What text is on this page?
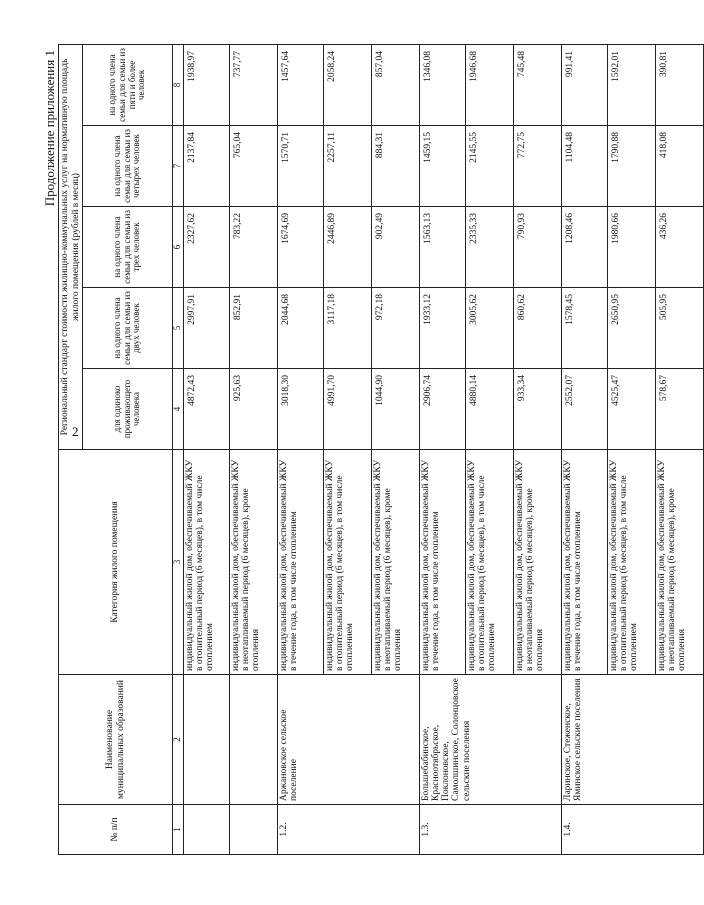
2
Продолжение приложения 1
№ п/п	Наименование муниципальных образований	Категория жилого помещения	Региональный стандарт стоимости жилищно-коммунальных услуг на нормативную площадь жилого помещения (рублей в месяц)				
			для одиноко проживающего человека	на одного члена семьи для семьи из двух человек	на одного члена семьи для семьи из трех человек	на одного члена семьи для семьи из четырех человек	на одного члена семьи для семьи из пяти и более человек
1	2	3	4	5	6	7	8
		индивидуальный жилой дом, обеспечиваемый ЖКУ в отопительный период (6 месяцев), в том числе отоплением	4872,43	2997,91	2327,62	2137,84	1938,97
		индивидуальный жилой дом, обеспечиваемый ЖКУ в неотапливаемый период (6 месяцев), кроме отопления	925,63	852,91	783,22	765,04	737,77
1.2.	Аржановское сельское поселение	индивидуальный жилой дом, обеспечиваемый ЖКУ в течение года, в том числе отоплением	3018,30	2044,68	1674,69	1570,71	1457,64
		индивидуальный жилой дом, обеспечиваемый ЖКУ в отопительный период (6 месяцев), в том числе отоплением	4991,70	3117,18	2446,89	2257,11	2058,24
		индивидуальный жилой дом, обеспечиваемый ЖКУ в неотапливаемый период (6 месяцев), кроме отопления	1044,90	972,18	902,49	884,31	857,04
1.3.	Большебабинское, Красноотябрьское, Поклоновское, Самолшинское, Солонцовское сельские поселения	индивидуальный жилой дом, обеспечиваемый ЖКУ в течение года, в том числе отоплением	2906,74	1933,12	1563,13	1459,15	1346,08
		индивидуальный жилой дом, обеспечиваемый ЖКУ в отопительный период (6 месяцев), в том числе отоплением	4880,14	3005,62	2335,33	2145,55	1946,68
		индивидуальный жилой дом, обеспечиваемый ЖКУ в неотапливаемый период (6 месяцев), кроме отопления	933,34	860,62	790,93	772,75	745,48
1.4.	Ларинское, Стеженское, Яминское сельские поселения	индивидуальный жилой дом, обеспечиваемый ЖКУ в течение года, в том числе отоплением	2552,07	1578,45	1208,46	1104,48	991,41
		индивидуальный жилой дом, обеспечиваемый ЖКУ в отопительный период (6 месяцев), в том числе отоплением	4525,47	2650,95	1980,66	1790,88	1592,01
		индивидуальный жилой дом, обеспечиваемый ЖКУ в неотапливаемый период (6 месяцев), кроме отопления	578,67	505,95	436,26	418,08	390,81
